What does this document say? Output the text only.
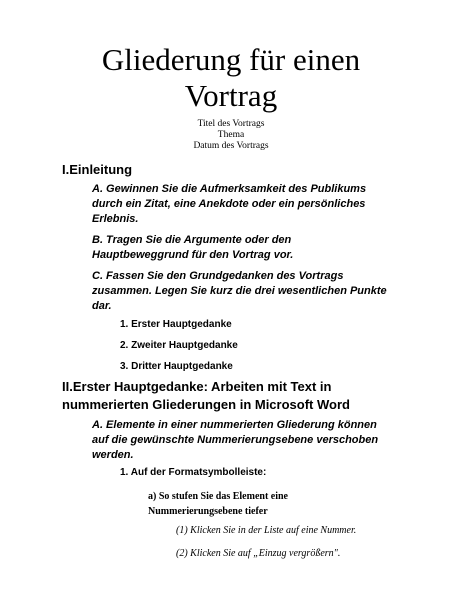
Gliederung für einen
Vortrag
Titel des Vortrags
Thema
Datum des Vortrags
I.Einleitung
A. Gewinnen Sie die Aufmerksamkeit des Publikums
durch ein Zitat, eine Anekdote oder ein persönliches
Erlebnis.
B. Tragen Sie die Argumente oder den
Hauptbeweggrund für den Vortrag vor.
C. Fassen Sie den Grundgedanken des Vortrags
zusammen. Legen Sie kurz die drei wesentlichen Punkte
dar.
1. Erster Hauptgedanke
2. Zweiter Hauptgedanke
3. Dritter Hauptgedanke
II.Erster Hauptgedanke: Arbeiten mit Text in
nummerierten Gliederungen in Microsoft Word
A. Elemente in einer nummerierten Gliederung können
auf die gewünschte Nummerierungsebene verschoben
werden.
1. Auf der Formatsymbolleiste:
a) So stufen Sie das Element eine
Nummerierungsebene tiefer
(1) Klicken Sie in der Liste auf eine Nummer.
(2) Klicken Sie auf „Einzug vergrößern".
